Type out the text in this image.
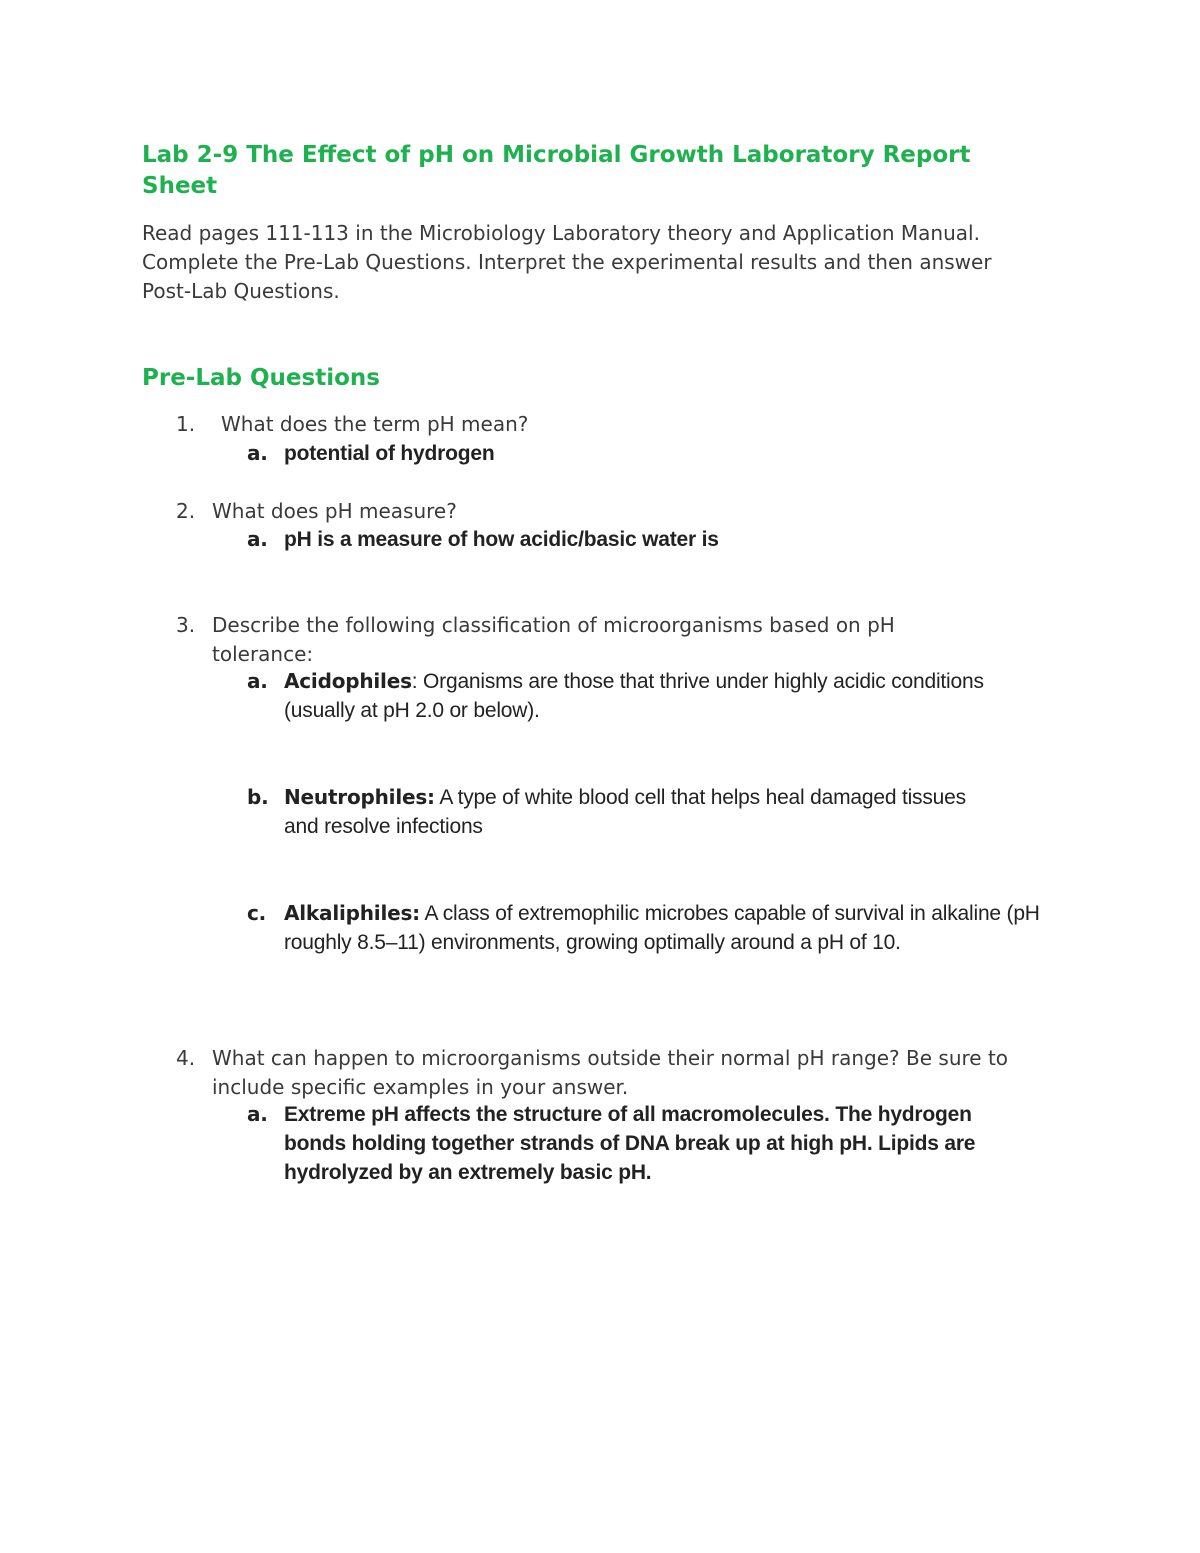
Lab 2-9 The Effect of pH on Microbial Growth Laboratory Report Sheet

Read pages 111-113 in the Microbiology Laboratory theory and Application Manual. Complete the Pre-Lab Questions. Interpret the experimental results and then answer Post-Lab Questions.

Pre-Lab Questions
1. What does the term pH mean?
a. potential of hydrogen
2. What does pH measure?
a. pH is a measure of how acidic/basic water is
3. Describe the following classification of microorganisms based on pH tolerance:
a. Acidophiles: Organisms are those that thrive under highly acidic conditions (usually at pH 2.0 or below).
b. Neutrophiles: A type of white blood cell that helps heal damaged tissues and resolve infections
c. Alkaliphiles: A class of extremophilic microbes capable of survival in alkaline (pH roughly 8.5–11) environments, growing optimally around a pH of 10.
4. What can happen to microorganisms outside their normal pH range? Be sure to include specific examples in your answer.
a. Extreme pH affects the structure of all macromolecules. The hydrogen bonds holding together strands of DNA break up at high pH. Lipids are hydrolyzed by an extremely basic pH.
